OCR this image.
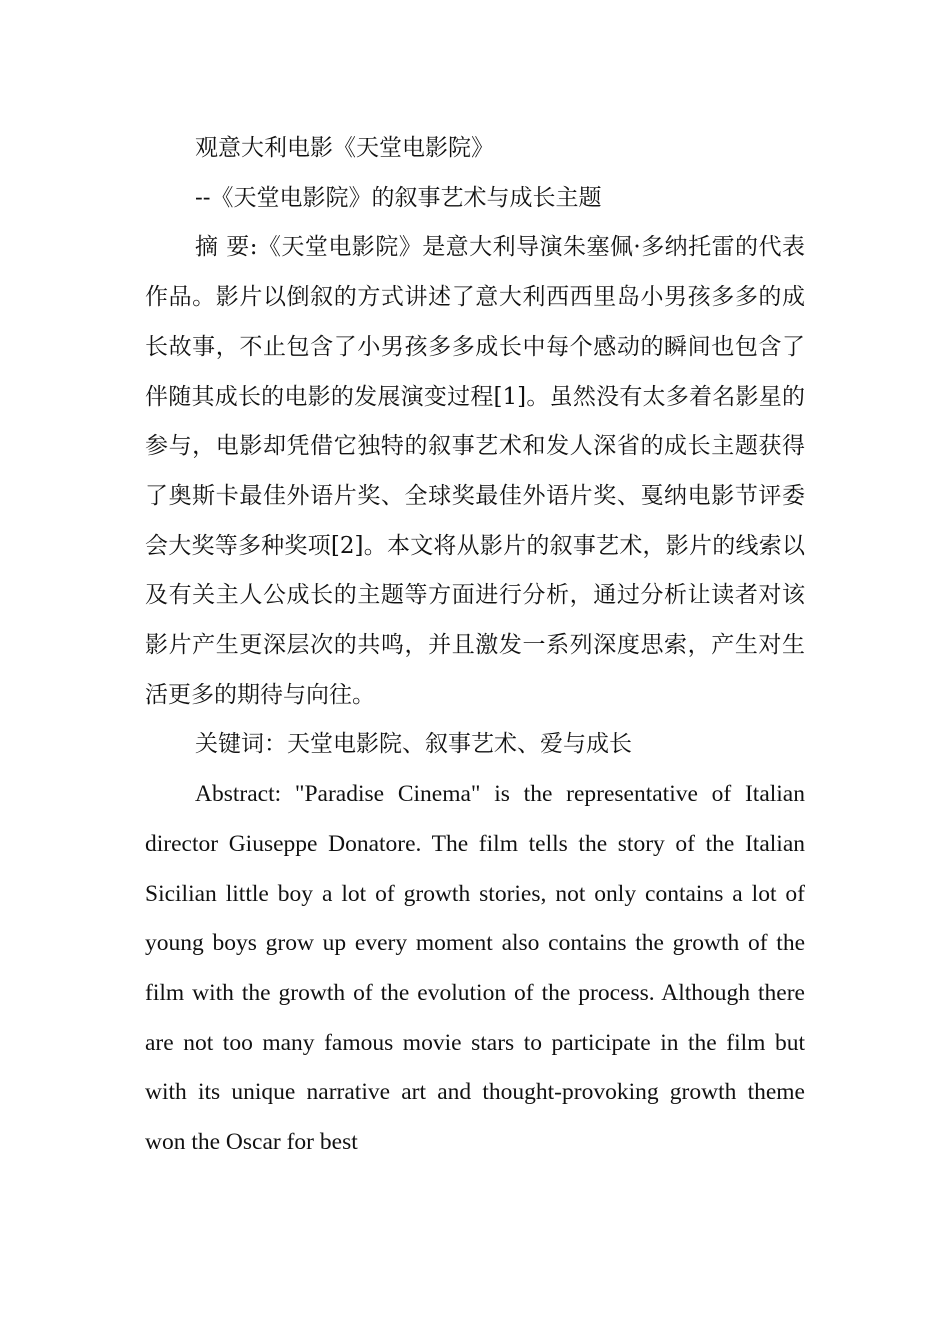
观意大利电影《天堂电影院》

--《天堂电影院》的叙事艺术与成长主题

摘 要:《天堂电影院》是意大利导演朱塞佩·多纳托雷的代表作品。影片以倒叙的方式讲述了意大利西西里岛小男孩多多的成长故事，不止包含了小男孩多多成长中每个感动的瞬间也包含了伴随其成长的电影的发展演变过程[1]。虽然没有太多着名影星的参与，电影却凭借它独特的叙事艺术和发人深省的成长主题获得了奥斯卡最佳外语片奖、全球奖最佳外语片奖、戛纳电影节评委会大奖等多种奖项[2]。本文将从影片的叙事艺术，影片的线索以及有关主人公成长的主题等方面进行分析，通过分析让读者对该影片产生更深层次的共鸣，并且激发一系列深度思索，产生对生活更多的期待与向往。

关键词：天堂电影院、叙事艺术、爱与成长

Abstract: "Paradise Cinema" is the representative of Italian director Giuseppe Donatore. The film tells the story of the Italian Sicilian little boy a lot of growth stories, not only contains a lot of young boys grow up every moment also contains the growth of the film with the growth of the evolution of the process. Although there are not too many famous movie stars to participate in the film but with its unique narrative art and thought-provoking growth theme won the Oscar for best
